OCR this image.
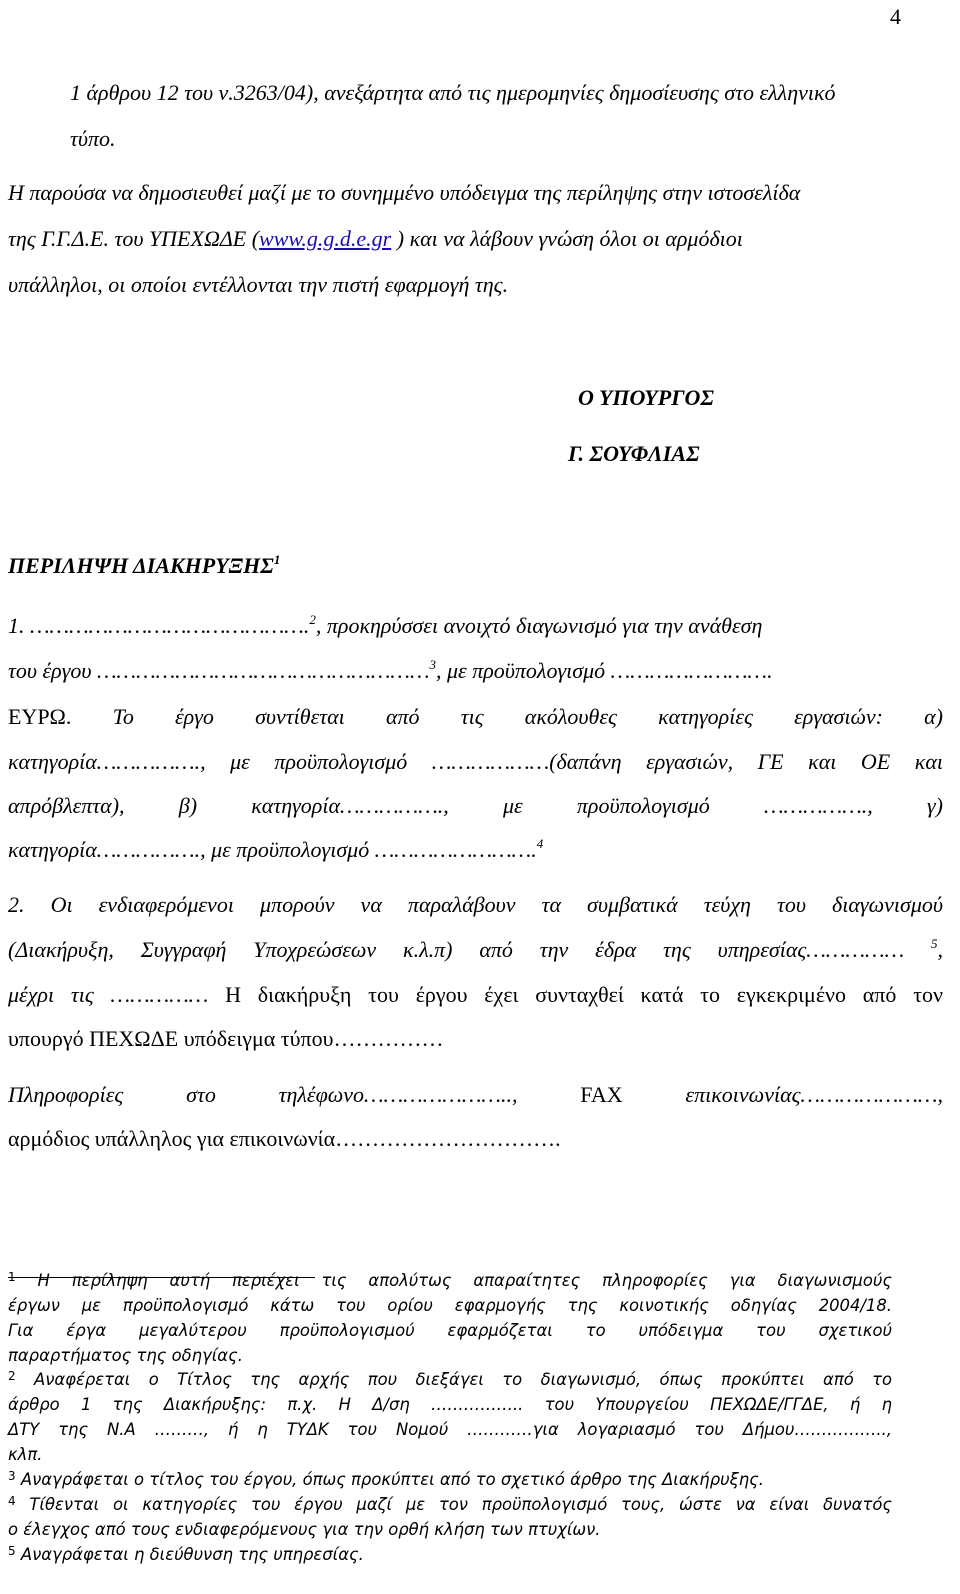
4
1 άρθρου 12 του ν.3263/04), ανεξάρτητα από τις ημερομηνίες δημοσίευσης στο ελληνικό
τύπο.
Η παρούσα να δημοσιευθεί μαζί με το συνημμένο υπόδειγμα της περίληψης στην ιστοσελίδα
της Γ.Γ.Δ.Ε. του ΥΠΕΧΩΔΕ (www.g.g.d.e.gr ) και να λάβουν γνώση όλοι οι αρμόδιοι
υπάλληλοι, οι οποίοι εντέλλονται την πιστή εφαρμογή της.
Ο ΥΠΟΥΡΓΟΣ
Γ. ΣΟΥΦΛΙΑΣ
ΠΕΡΙΛΗΨΗ ΔΙΑΚΗΡΥΞΗΣ$^1$
1. …………………………………….$^2$, προκηρύσσει ανοιχτό διαγωνισμό για την ανάθεση
του έργου ……………………………………………$^3$, με προϋπολογισμό …………………….
ΕΥΡΩ. Το έργο συντίθεται από τις ακόλουθες κατηγορίες εργασιών: α)
κατηγορία……………., με προϋπολογισμό ………………(δαπάνη εργασιών, ΓΕ και ΟΕ και
απρόβλεπτα), β) κατηγορία……………., με προϋπολογισμό ……………., γ)
κατηγορία……………., με προϋπολογισμό …………………….$^4$
2. Οι ενδιαφερόμενοι μπορούν να παραλάβουν τα συμβατικά τεύχη του διαγωνισμού
(Διακήρυξη, Συγγραφή Υποχρεώσεων κ.λ.π) από την έδρα της υπηρεσίας…………… $^5$,
μέχρι τις …………… Η διακήρυξη του έργου έχει συνταχθεί κατά το εγκεκριμένο από τον
υπουργό ΠΕΧΩΔΕ υπόδειγμα τύπου……………
Πληροφορίες στο τηλέφωνο………………….., FAX επικοινωνίας…………………,
αρμόδιος υπάλληλος για επικοινωνία………………………….
$^1$ Η περίληψη αυτή περιέχει τις απολύτως απαραίτητες πληροφορίες για διαγωνισμούς
έργων με προϋπολογισμό κάτω του ορίου εφαρμογής της κοινοτικής οδηγίας 2004/18.
Για έργα μεγαλύτερου προϋπολογισμού εφαρμόζεται το υπόδειγμα του σχετικού
παραρτήματος της οδηγίας.
$^2$ Αναφέρεται ο Τίτλος της αρχής που διεξάγει το διαγωνισμό, όπως προκύπτει από το
άρθρο 1 της Διακήρυξης: π.χ. Η Δ/ση …………….. του Υπουργείου ΠΕΧΩΔΕ/ΓΓΔΕ, ή η
ΔΤΥ της Ν.Α ………, ή η ΤΥΔΚ του Νομού …………για λογαριασμό του Δήμου……………..,
κλπ.
$^3$ Αναγράφεται ο τίτλος του έργου, όπως προκύπτει από το σχετικό άρθρο της Διακήρυξης.
$^4$ Τίθενται οι κατηγορίες του έργου μαζί με τον προϋπολογισμό τους, ώστε να είναι δυνατός
ο έλεγχος από τους ενδιαφερόμενους για την ορθή κλήση των πτυχίων.
$^5$ Αναγράφεται η διεύθυνση της υπηρεσίας.
